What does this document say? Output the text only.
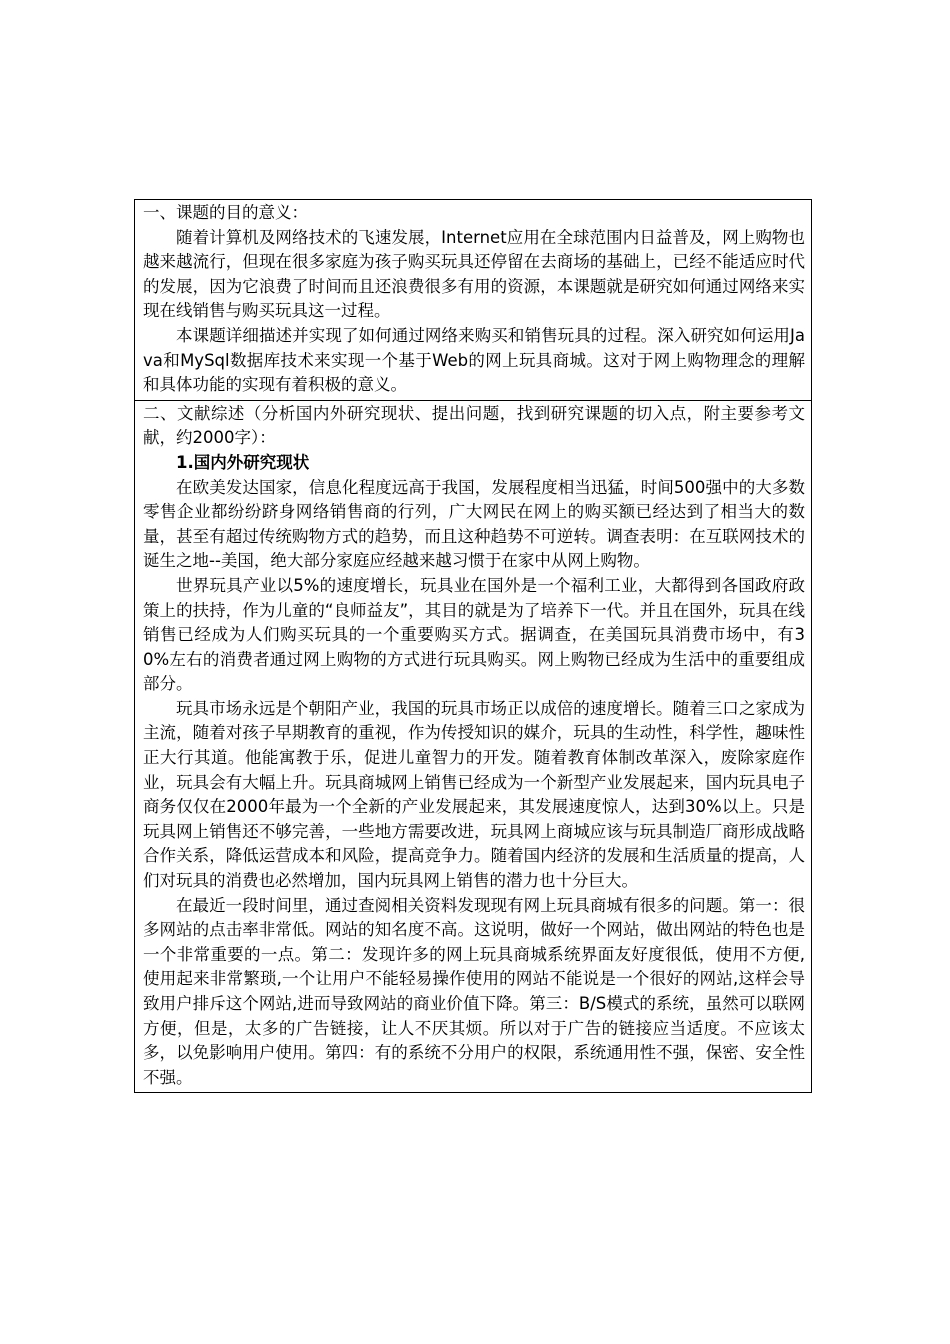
一、课题的目的意义：

随着计算机及网络技术的飞速发展，Internet应用在全球范围内日益普及，网上购物也越来越流行，但现在很多家庭为孩子购买玩具还停留在去商场的基础上，已经不能适应时代的发展，因为它浪费了时间而且还浪费很多有用的资源，本课题就是研究如何通过网络来实现在线销售与购买玩具这一过程。

本课题详细描述并实现了如何通过网络来购买和销售玩具的过程。深入研究如何运用Java和MySql数据库技术来实现一个基于Web的网上玩具商城。这对于网上购物理念的理解和具体功能的实现有着积极的意义。

二、文献综述（分析国内外研究现状、提出问题，找到研究课题的切入点，附主要参考文献，约2000字）：

1.国内外研究现状

在欧美发达国家，信息化程度远高于我国，发展程度相当迅猛，时间500强中的大多数零售企业都纷纷跻身网络销售商的行列，广大网民在网上的购买额已经达到了相当大的数量，甚至有超过传统购物方式的趋势，而且这种趋势不可逆转。调查表明：在互联网技术的诞生之地--美国，绝大部分家庭应经越来越习惯于在家中从网上购物。

世界玩具产业以5%的速度增长，玩具业在国外是一个福利工业，大都得到各国政府政策上的扶持，作为儿童的“良师益友”，其目的就是为了培养下一代。并且在国外，玩具在线销售已经成为人们购买玩具的一个重要购买方式。据调查，在美国玩具消费市场中，有30%左右的消费者通过网上购物的方式进行玩具购买。网上购物已经成为生活中的重要组成部分。

玩具市场永远是个朝阳产业，我国的玩具市场正以成倍的速度增长。随着三口之家成为主流，随着对孩子早期教育的重视，作为传授知识的媒介，玩具的生动性，科学性，趣味性正大行其道。他能寓教于乐，促进儿童智力的开发。随着教育体制改革深入，废除家庭作业，玩具会有大幅上升。玩具商城网上销售已经成为一个新型产业发展起来，国内玩具电子商务仅仅在2000年最为一个全新的产业发展起来，其发展速度惊人，达到30%以上。只是玩具网上销售还不够完善，一些地方需要改进，玩具网上商城应该与玩具制造厂商形成战略合作关系，降低运营成本和风险，提高竞争力。随着国内经济的发展和生活质量的提高，人们对玩具的消费也必然增加，国内玩具网上销售的潜力也十分巨大。

在最近一段时间里，通过查阅相关资料发现现有网上玩具商城有很多的问题。第一：很多网站的点击率非常低。网站的知名度不高。这说明，做好一个网站，做出网站的特色也是一个非常重要的一点。第二：发现许多的网上玩具商城系统界面友好度很低，使用不方便,使用起来非常繁琐,一个让用户不能轻易操作使用的网站不能说是一个很好的网站,这样会导致用户排斥这个网站,进而导致网站的商业价值下降。第三：B/S模式的系统，虽然可以联网方便，但是，太多的广告链接，让人不厌其烦。所以对于广告的链接应当适度。不应该太多，以免影响用户使用。第四：有的系统不分用户的权限，系统通用性不强，保密、安全性不强。
